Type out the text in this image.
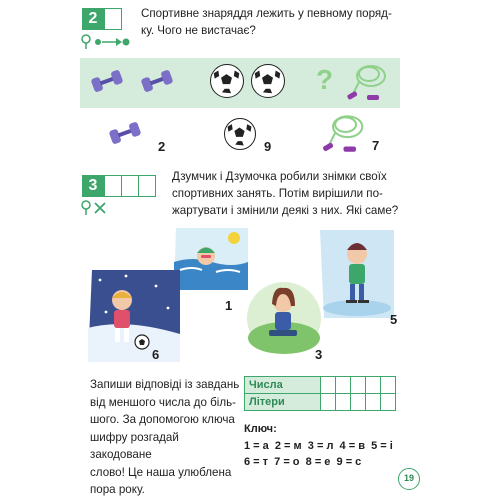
2	Спортивне знаряддя лежить у певному поряд-
ку. Чого не вистачає?
?
2	9	7
3
Дзумчик і Дзумочка робили знімки своїх
спортивних занять. Потім вирішили по-
жартувати і змінили деякі з них. Які саме?
1
5
6	3
Запиши відповіді із завдань
від меншого числа до біль-
шого. За допомогою ключа
шифру розгадай закодоване
слово! Це наша улюблена
пора року.
Числа					
Літери					
Ключ:
1 = а  2 = м  3 = л  4 = в  5 = і
6 = т  7 = о  8 = е  9 = с
19
